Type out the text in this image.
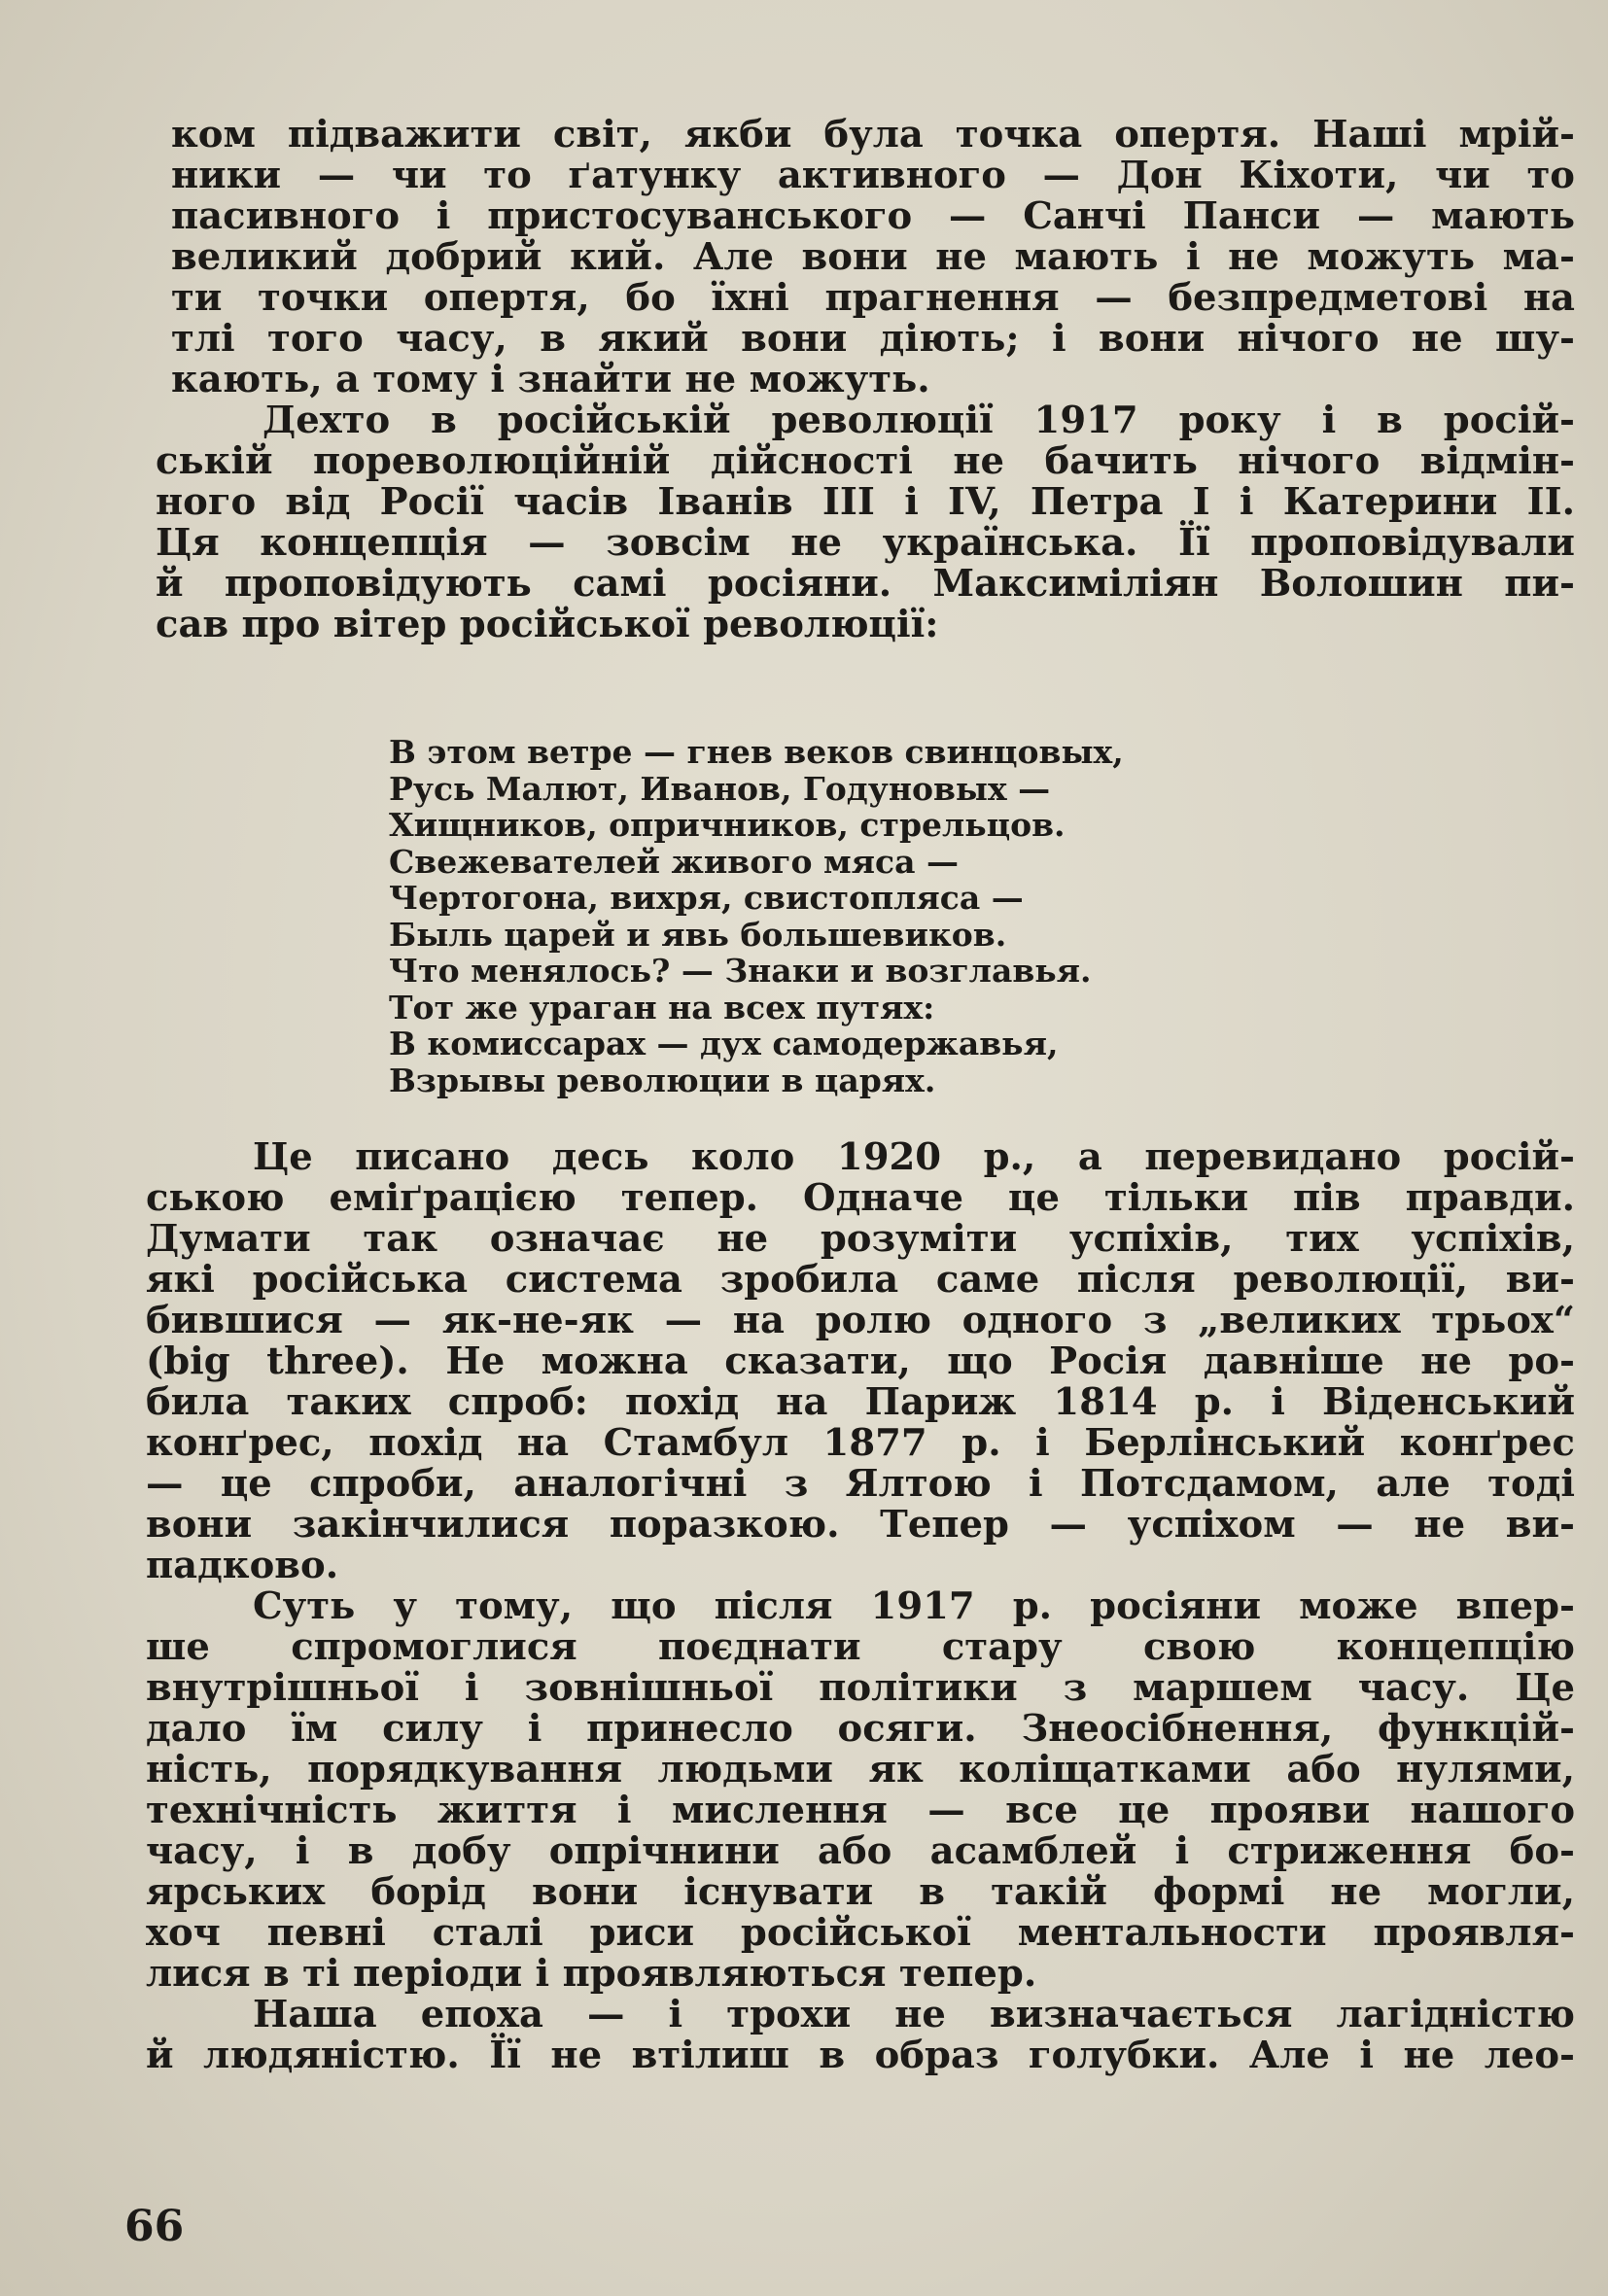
ком підважити світ, якби була точка опертя. Наші мрій-
ники — чи то ґатунку активного — Дон Кіхоти, чи то
пасивного і пристосуванського — Санчі Панси — мають
великий добрий кий. Але вони не мають і не можуть ма-
ти точки опертя, бо їхні прагнення — безпредметові на
тлі того часу, в який вони діють; і вони нічого не шу-
кають, а тому і знайти не можуть.

Дехто в російській революції 1917 року і в росій-
ській пореволюційній дійсності не бачить нічого відмін-
ного від Росії часів Іванів III і IV, Петра I і Катерини II.
Ця концепція — зовсім не українська. Її проповідували
й проповідують самі росіяни. Максиміліян Волошин пи-
сав про вітер російської революції:

В этом ветре — гнев веков свинцовых,
Русь Малют, Иванов, Годуновых —
Хищников, опричников, стрельцов.
Свежевателей живого мяса —
Чертогона, вихря, свистопляса —
Быль царей и явь большевиков.
Что менялось? — Знаки и возглавья.
Тот же ураган на всех путях:
В комиссарах — дух самодержавья,
Взрывы революции в царях.

Це писано десь коло 1920 р., а перевидано росій-
ською еміґрацією тепер. Одначе це тільки пів правди.
Думати так означає не розуміти успіхів, тих успіхів,
які російська система зробила саме після революції, ви-
бившися — як-не-як — на ролю одного з „великих трьох“
(big three). Не можна сказати, що Росія давніше не ро-
била таких спроб: похід на Париж 1814 р. і Віденський
конґрес, похід на Стамбул 1877 р. і Берлінський конґрес
— це спроби, аналогічні з Ялтою і Потсдамом, але тоді
вони закінчилися поразкою. Тепер — успіхом — не ви-
падково.

Суть у тому, що після 1917 р. росіяни може впер-
ше спромоглися поєднати стару свою концепцію
внутрішньої і зовнішньої політики з маршем часу. Це
дало їм силу і принесло осяги. Знеосібнення, функцій-
ність, порядкування людьми як коліщатками або нулями,
технічність життя і мислення — все це прояви нашого
часу, і в добу опрічнини або асамблей і стриження бо-
ярських борід вони існувати в такій формі не могли,
хоч певні сталі риси російської ментальности проявля-
лися в ті періоди і проявляються тепер.

Наша епоха — і трохи не визначається лагідністю
й людяністю. Її не втілиш в образ голубки. Але і не лео-

66
